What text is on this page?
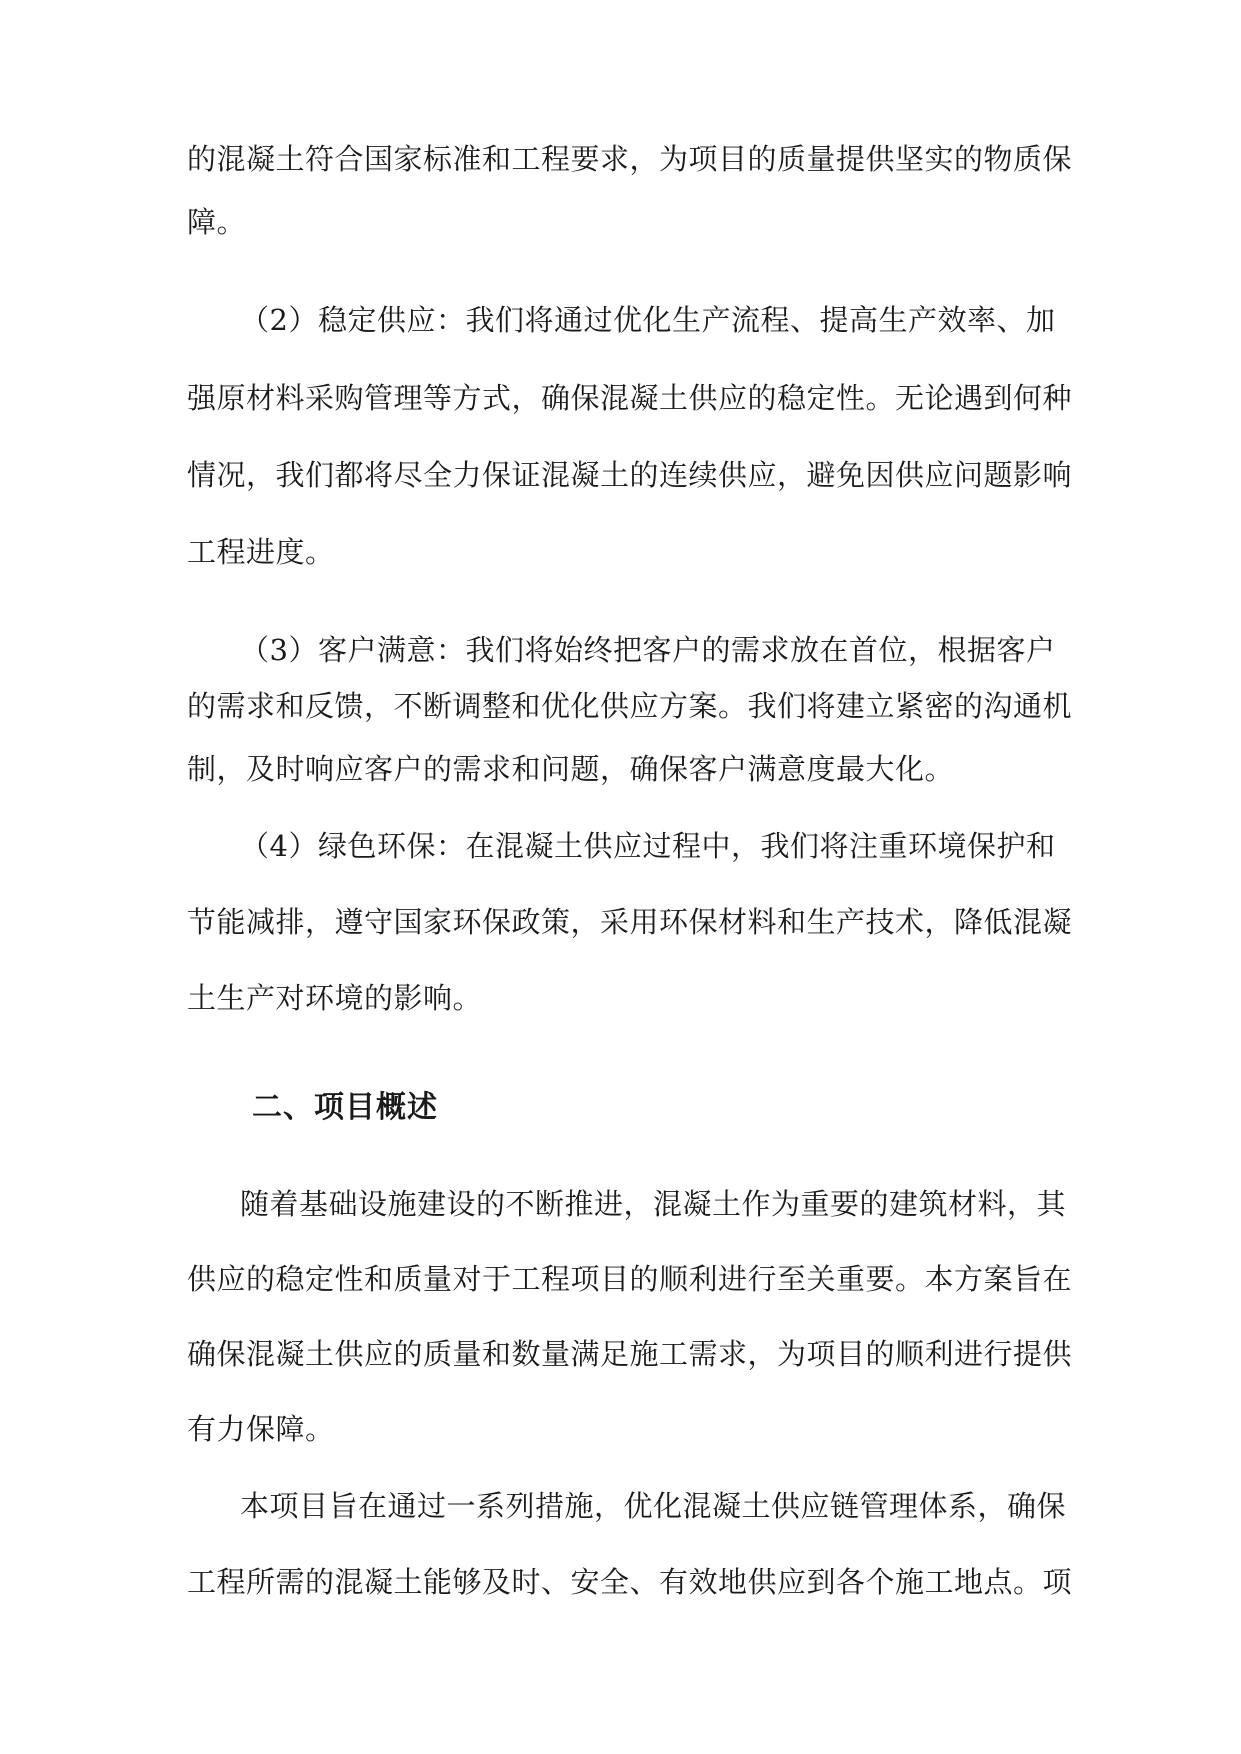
的混凝土符合国家标准和工程要求，为项目的质量提供坚实的物质保
障。
（2）稳定供应：我们将通过优化生产流程、提高生产效率、加
强原材料采购管理等方式，确保混凝土供应的稳定性。无论遇到何种
情况，我们都将尽全力保证混凝土的连续供应，避免因供应问题影响
工程进度。
（3）客户满意：我们将始终把客户的需求放在首位，根据客户
的需求和反馈，不断调整和优化供应方案。我们将建立紧密的沟通机
制，及时响应客户的需求和问题，确保客户满意度最大化。
（4）绿色环保：在混凝土供应过程中，我们将注重环境保护和
节能减排，遵守国家环保政策，采用环保材料和生产技术，降低混凝
土生产对环境的影响。
二、项目概述
随着基础设施建设的不断推进，混凝土作为重要的建筑材料，其
供应的稳定性和质量对于工程项目的顺利进行至关重要。本方案旨在
确保混凝土供应的质量和数量满足施工需求，为项目的顺利进行提供
有力保障。
本项目旨在通过一系列措施，优化混凝土供应链管理体系，确保
工程所需的混凝土能够及时、安全、有效地供应到各个施工地点。项
